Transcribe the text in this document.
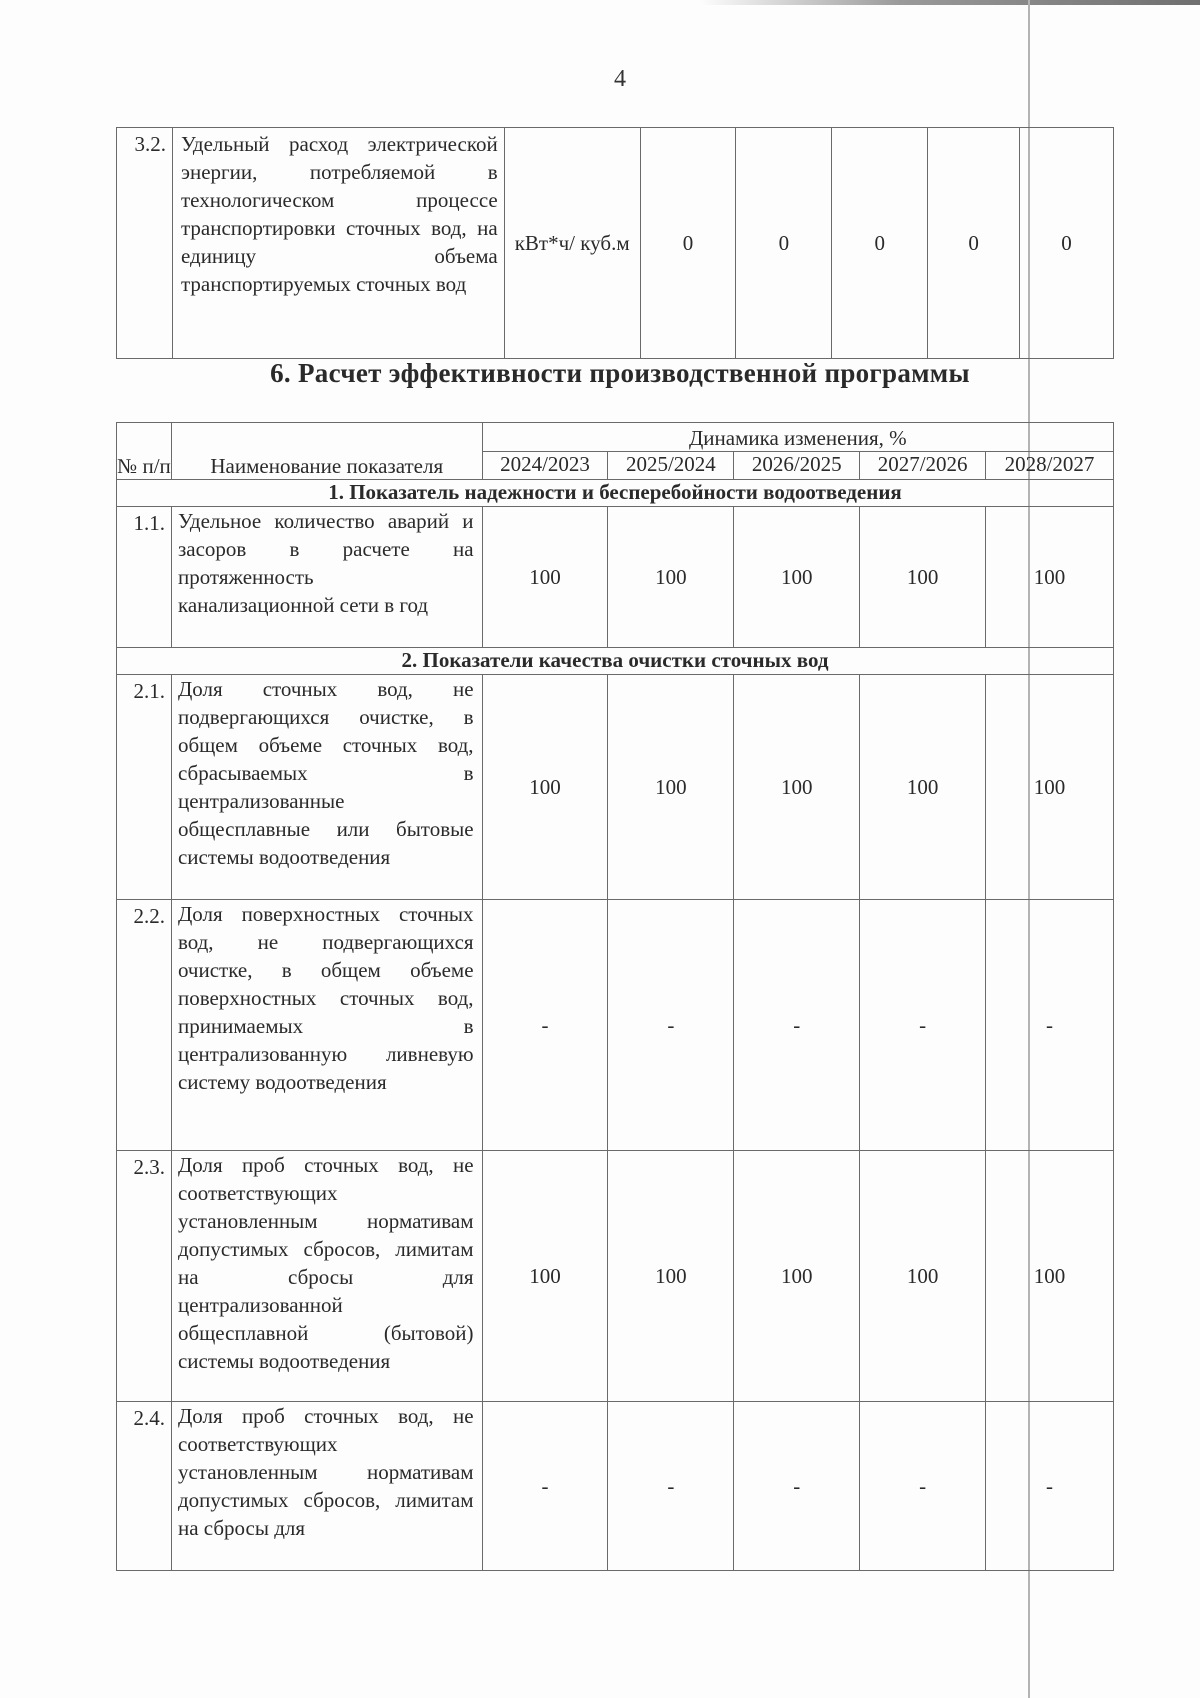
4
3.2.	Удельный расход электрической энергии, потребляемой в технологическом процессе транспортировки сточных вод, на единицу объема транспортируемых сточных вод	кВт*ч/ куб.м	0	0	0	0	0
6. Расчет эффективности производственной программы
№ п/п	Наименование показателя	Динамика изменения, %				
		2024/2023	2025/2024	2026/2025	2027/2026	2028/2027
1. Показатель надежности и бесперебойности водоотведения						
1.1.	Удельное количество аварий и засоров в расчете на протяженность канализационной сети в год	100	100	100	100	100
2. Показатели качества очистки сточных вод						
2.1.	Доля сточных вод, не подвергающихся очистке, в общем объеме сточных вод, сбрасываемых в централизованные общесплавные или бытовые системы водоотведения	100	100	100	100	100
2.2.	Доля поверхностных сточных вод, не подвергающихся очистке, в общем объеме поверхностных сточных вод, принимаемых в централизованную ливневую систему водоотведения	-	-	-	-	-
2.3.	Доля проб сточных вод, не соответствующих установленным нормативам допустимых сбросов, лимитам на сбросы для централизованной общесплавной (бытовой) системы водоотведения	100	100	100	100	100
2.4.	Доля проб сточных вод, не соответствующих установленным нормативам допустимых сбросов, лимитам на сбросы для	-	-	-	-	-
